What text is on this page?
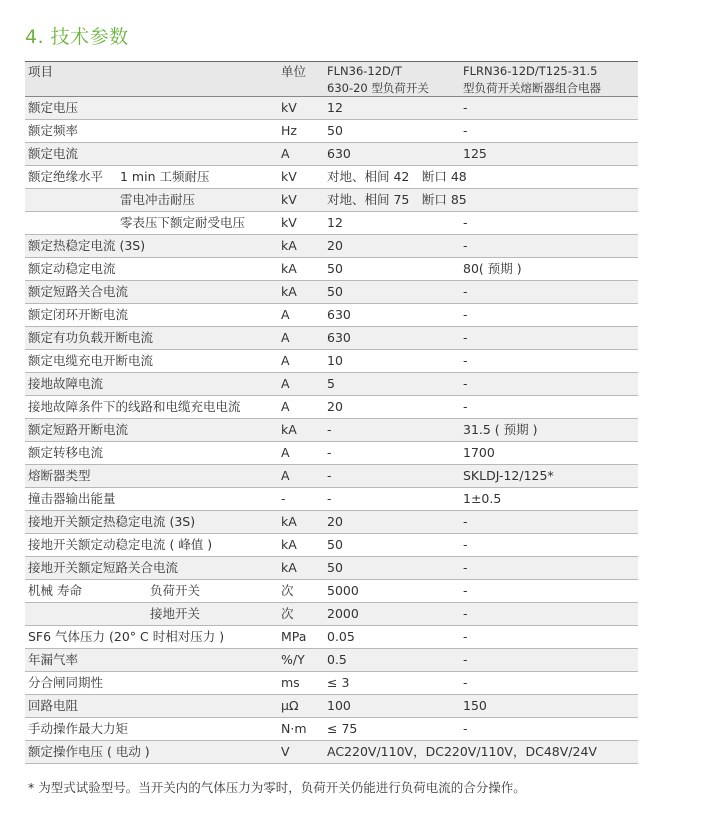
4. 技术参数
项目	单位 FLN36-12D/T
630-20 型负荷开关
FLRN36-12D/T125-31.5
型负荷开关熔断器组合电器
额定电压	kV 12	-
额定频率	Hz 50	-
额定电流	A	630	125
额定绝缘水平 1 min 工频耐压	kV 对地、相间 42　断口 48
雷电冲击耐压	kV 对地、相间 75　断口 85
零表压下额定耐受电压	kV 12	-
额定热稳定电流 (3S)	kA 20	-
额定动稳定电流	kA 50	80( 预期 )
额定短路关合电流	kA 50	-
额定闭环开断电流	A	630	-
额定有功负载开断电流	A	630	-
额定电缆充电开断电流	A	10	-
接地故障电流	A	5	-
接地故障条件下的线路和电缆充电电流	A	20	-
额定短路开断电流	kA -	31.5 ( 预期 )
额定转移电流	A	-	1700
熔断器类型	A	-	SKLDJ-12/125*
撞击器输出能量	-	-	1±0.5
接地开关额定热稳定电流 (3S)	kA 20	-
接地开关额定动稳定电流 ( 峰值 )	kA 50	-
接地开关额定短路关合电流	kA 50	-
机械 寿命	负荷开关	次	5000	-
接地开关	次	2000	-
SF6 气体压力 (20° C 时相对压力 )	MPa 0.05	-
年漏气率	%/Y 0.5	-
分合闸同期性	ms ≤ 3	-
回路电阻	μΩ 100	150
手动操作最大力矩	N·m ≤ 75	-
额定操作电压 ( 电动 )	V	AC220V/110V，DC220V/110V，DC48V/24V
* 为型式试验型号。当开关内的气体压力为零时，负荷开关仍能进行负荷电流的合分操作。
